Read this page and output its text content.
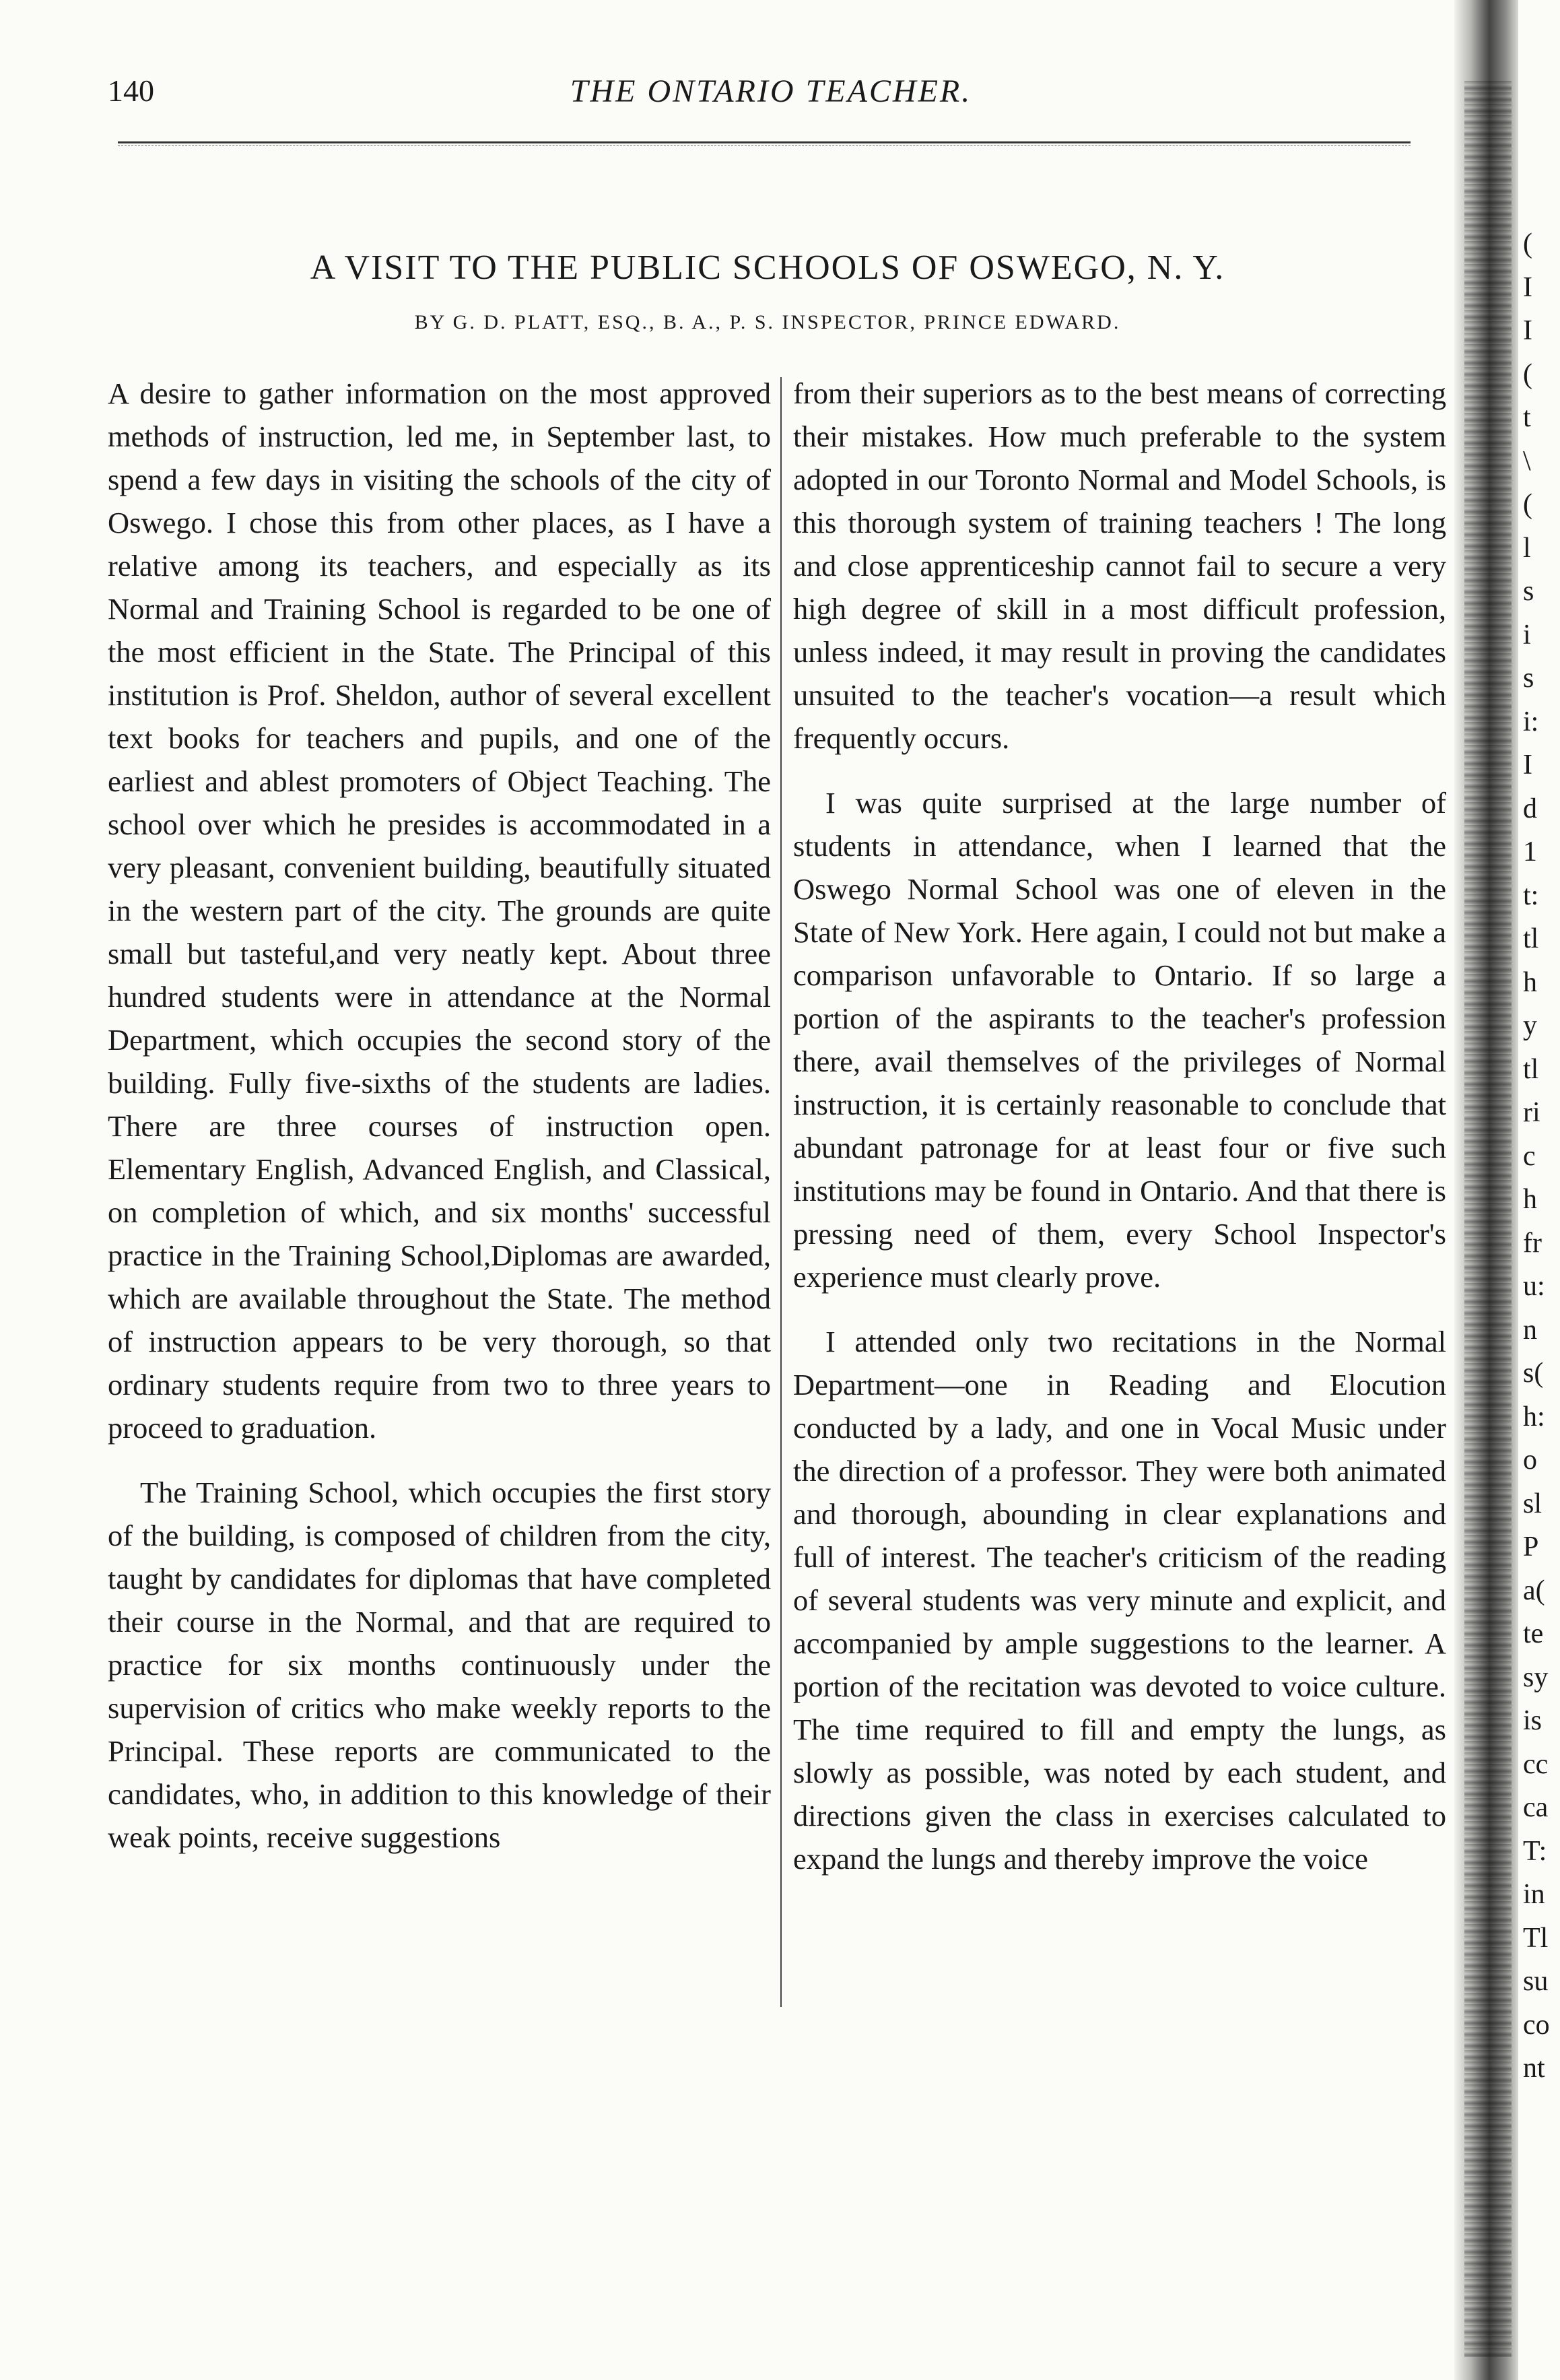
140	THE ONTARIO TEACHER.
A VISIT TO THE PUBLIC SCHOOLS OF OSWEGO, N. Y.
BY G. D. PLATT, ESQ., B. A., P. S. INSPECTOR, PRINCE EDWARD.

A desire to gather information on the most approved methods of instruction, led me, in September last, to spend a few days in visiting the schools of the city of Oswego. I chose this from other places, as I have a relative among its teachers, and especially as its Normal and Training School is regarded to be one of the most efficient in the State. The Principal of this institution is Prof. Sheldon, author of several excellent text books for teachers and pupils, and one of the earliest and ablest promoters of Object Teaching. The school over which he presides is accommodated in a very pleasant, convenient building, beautifully situated in the western part of the city. The grounds are quite small but tasteful,and very neatly kept. About three hundred students were in attendance at the Normal Department, which occupies the second story of the building. Fully five-sixths of the students are ladies. There are three courses of instruction open. Elementary English, Advanced English, and Classical, on completion of which, and six months' successful practice in the Training School,Diplomas are awarded, which are available throughout the State. The method of instruction appears to be very thorough, so that ordinary students require from two to three years to proceed to graduation.

The Training School, which occupies the first story of the building, is composed of children from the city, taught by candidates for diplomas that have completed their course in the Normal, and that are required to practice for six months continuously under the supervision of critics who make weekly reports to the Principal. These reports are communicated to the candidates, who, in addition to this knowledge of their weak points, receive suggestions

from their superiors as to the best means of correcting their mistakes. How much preferable to the system adopted in our Toronto Normal and Model Schools, is this thorough system of training teachers ! The long and close apprenticeship cannot fail to secure a very high degree of skill in a most difficult profession, unless indeed, it may result in proving the candidates unsuited to the teacher's vocation—a result which frequently occurs.

I was quite surprised at the large number of students in attendance, when I learned that the Oswego Normal School was one of eleven in the State of New York. Here again, I could not but make a comparison unfavorable to Ontario. If so large a portion of the aspirants to the teacher's profession there, avail themselves of the privileges of Normal instruction, it is certainly reasonable to conclude that abundant patronage for at least four or five such institutions may be found in Ontario. And that there is pressing need of them, every School Inspector's experience must clearly prove.

I attended only two recitations in the Normal Department—one in Reading and Elocution conducted by a lady, and one in Vocal Music under the direction of a professor. They were both animated and thorough, abounding in clear explanations and full of interest. The teacher's criticism of the reading of several students was very minute and explicit, and accompanied by ample suggestions to the learner. A portion of the recitation was devoted to voice culture. The time required to fill and empty the lungs, as slowly as possible, was noted by each student, and directions given the class in exercises calculated to expand the lungs and thereby improve the voice

(
I
I
(
t
\
(
l
s
i
s
i:
I
d
1
t:
tl
h
y
tl
ri
c
h
fr
u:
n
s(
h:
o
sl
P
a(
te
sy
is
cc
ca
T:
in
Tl
su
co
nt
